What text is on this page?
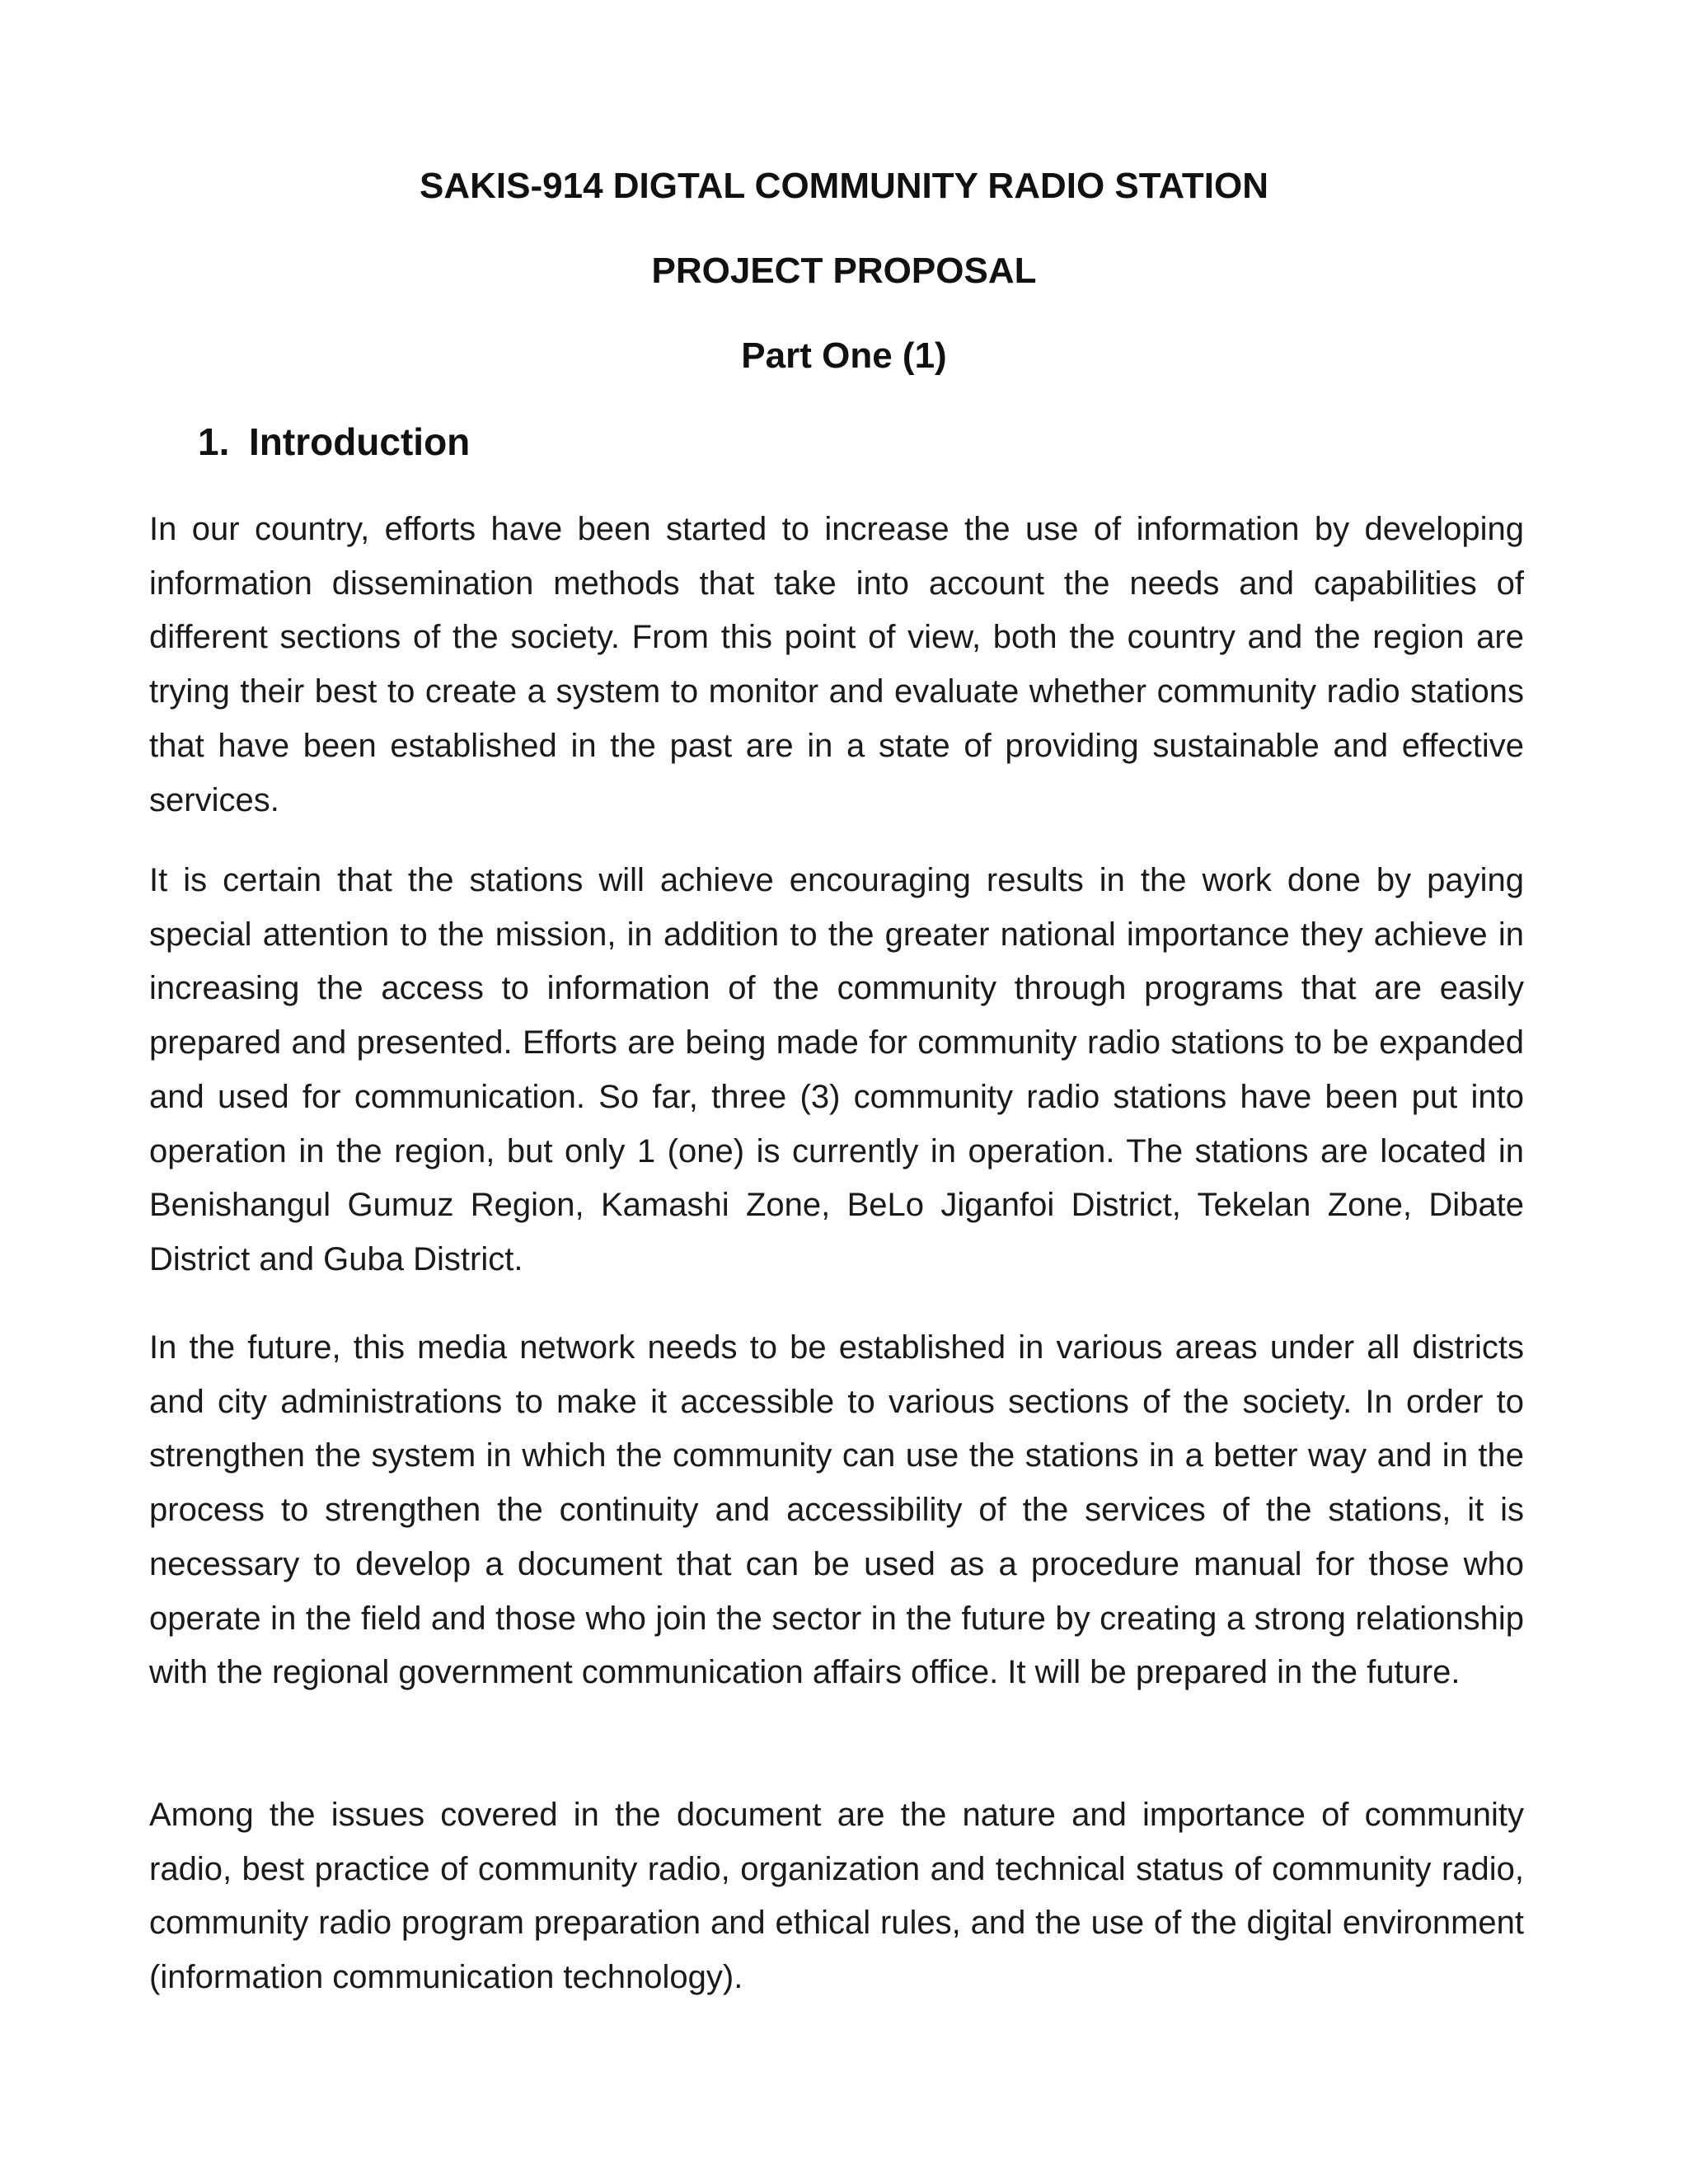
SAKIS-914 DIGTAL COMMUNITY RADIO STATION
PROJECT PROPOSAL
Part One (1)
1. Introduction

In our country, efforts have been started to increase the use of information by developing information dissemination methods that take into account the needs and capabilities of different sections of the society. From this point of view, both the country and the region are trying their best to create a system to monitor and evaluate whether community radio stations that have been established in the past are in a state of providing sustainable and effective services.

It is certain that the stations will achieve encouraging results in the work done by paying special attention to the mission, in addition to the greater national importance they achieve in increasing the access to information of the community through programs that are easily prepared and presented. Efforts are being made for community radio stations to be expanded and used for communication. So far, three (3) community radio stations have been put into operation in the region, but only 1 (one) is currently in operation. The stations are located in Benishangul Gumuz Region, Kamashi Zone, BeLo Jiganfoi District, Tekelan Zone, Dibate District and Guba District.

In the future, this media network needs to be established in various areas under all districts and city administrations to make it accessible to various sections of the society. In order to strengthen the system in which the community can use the stations in a better way and in the process to strengthen the continuity and accessibility of the services of the stations, it is necessary to develop a document that can be used as a procedure manual for those who operate in the field and those who join the sector in the future by creating a strong relationship with the regional government communication affairs office. It will be prepared in the future.

Among the issues covered in the document are the nature and importance of community radio, best practice of community radio, organization and technical status of community radio, community radio program preparation and ethical rules, and the use of the digital environment (information communication technology).
